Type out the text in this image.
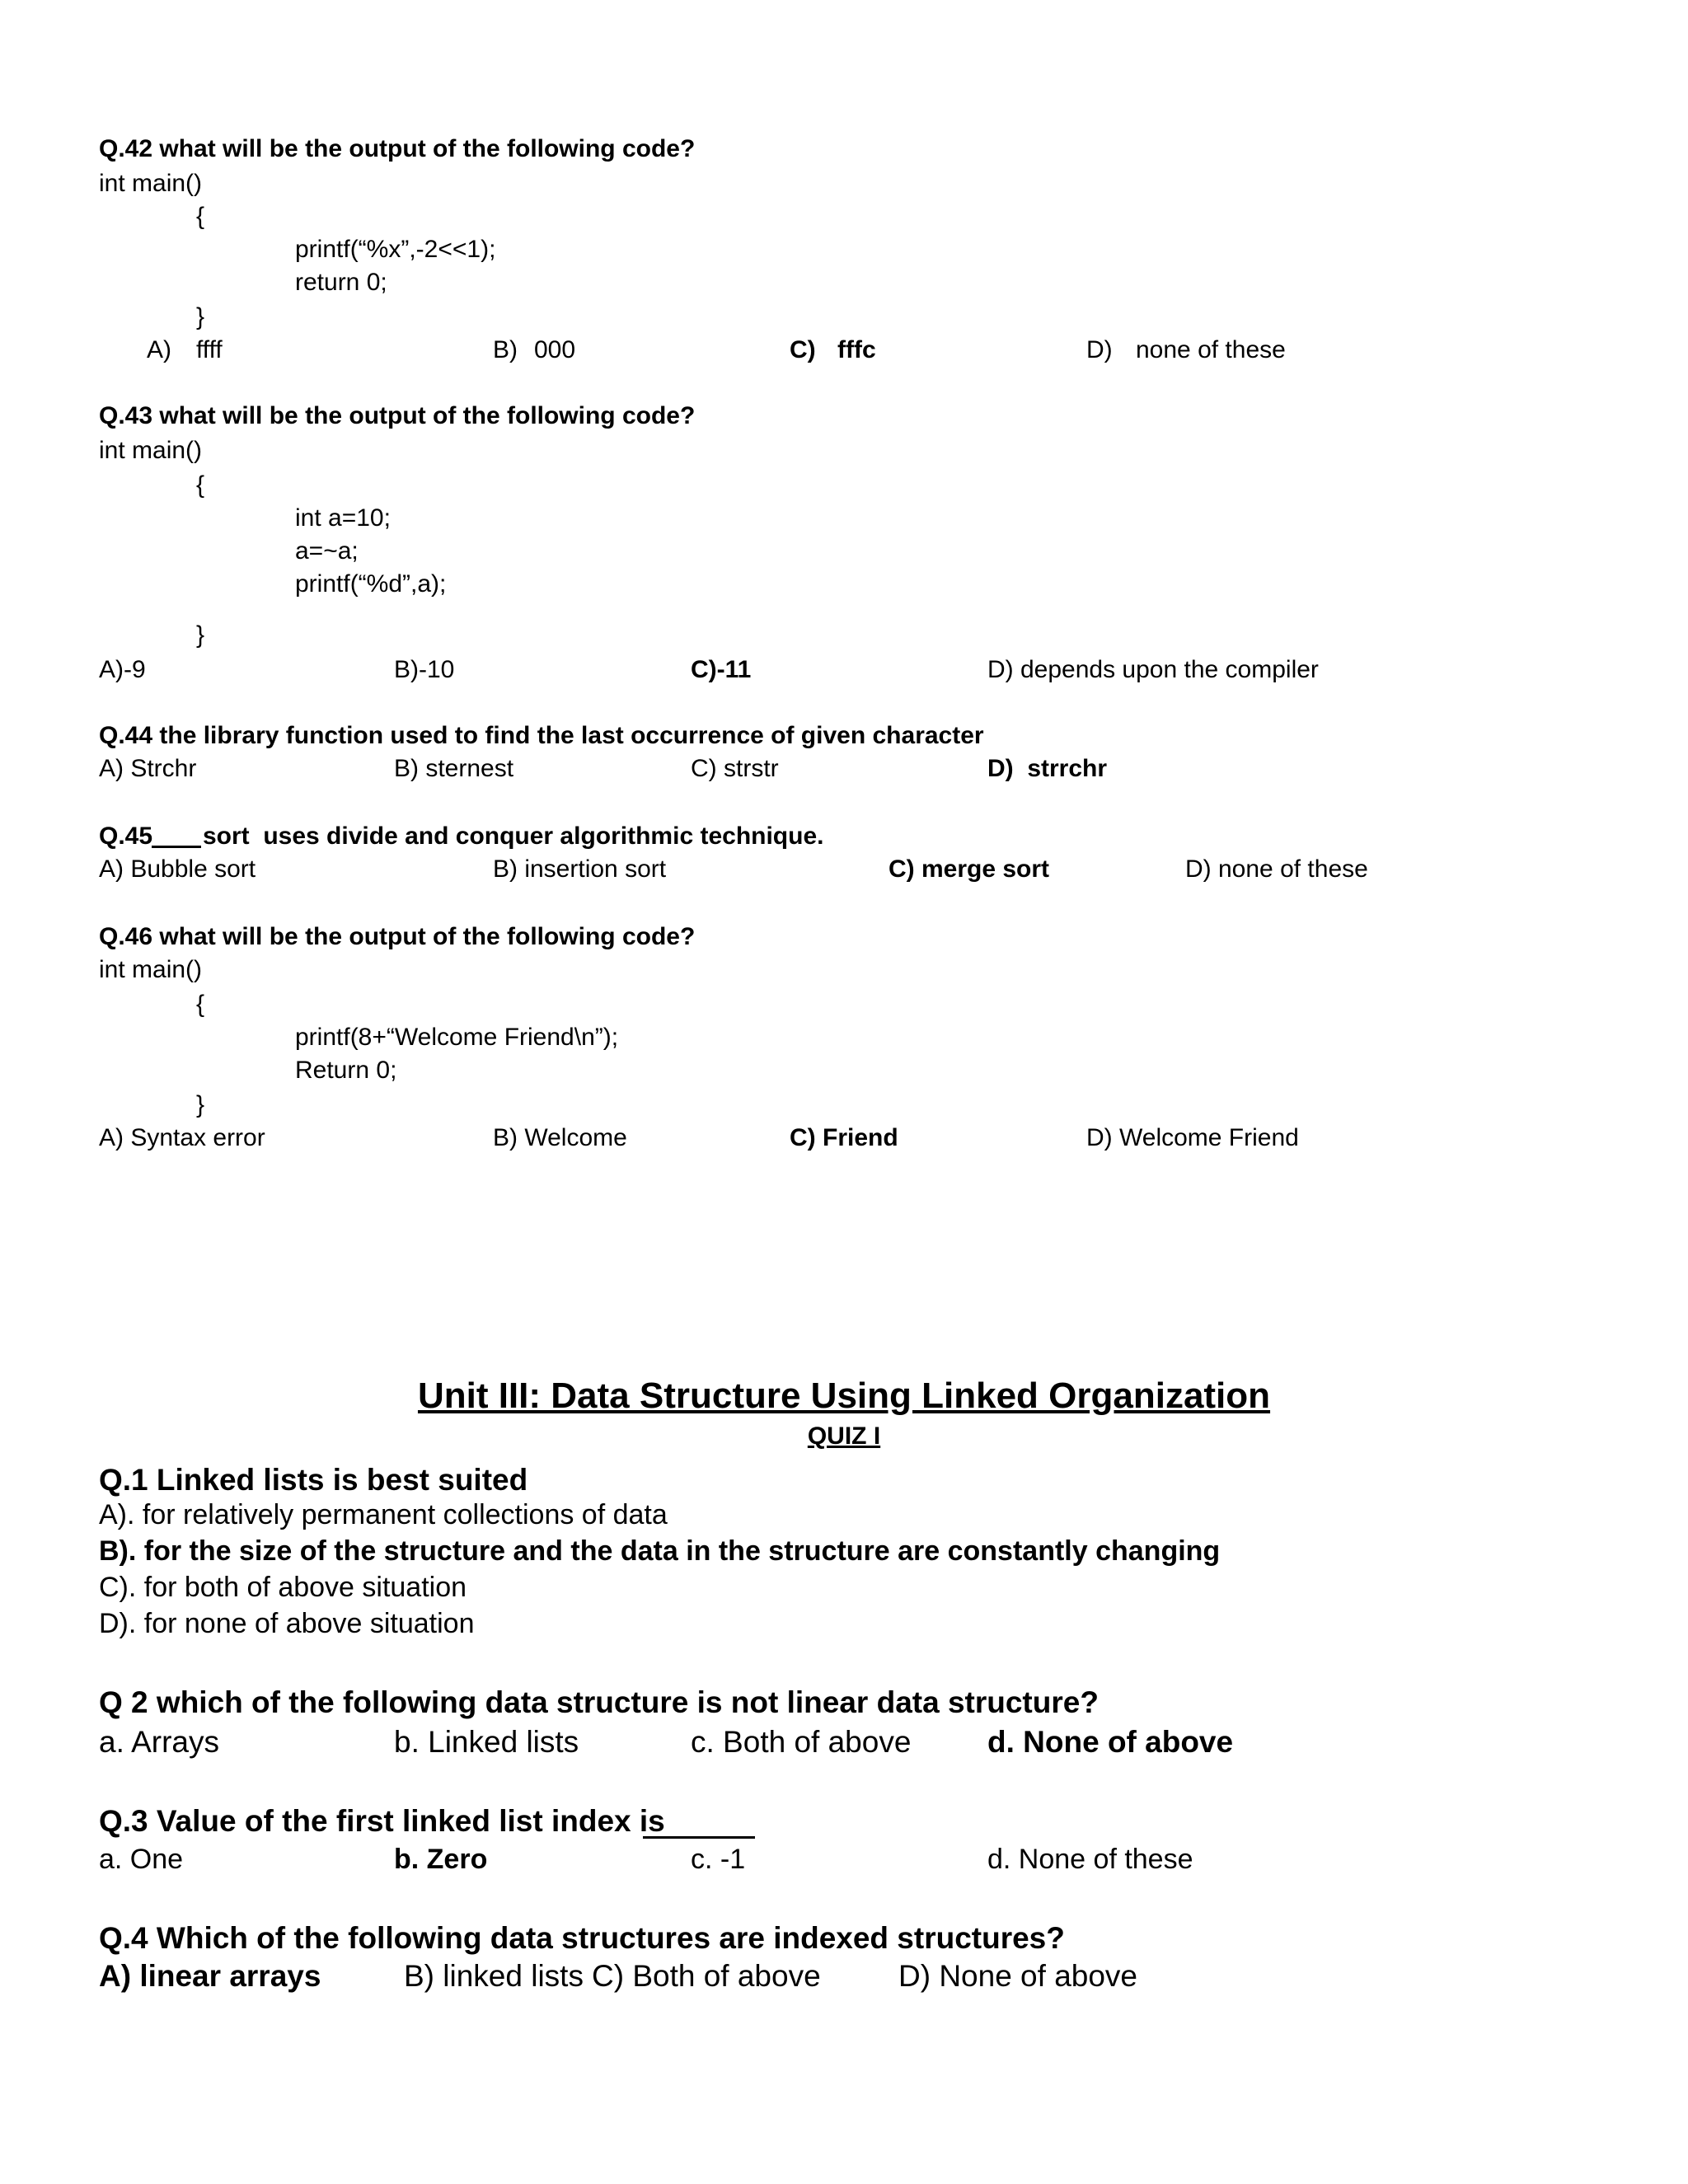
Q.42 what will be the output of the following code?
int main()
{
printf(“%x”,-2<<1);
return 0;
}
A) ffff	B) 000	C) fffc	D) none of these
Q.43 what will be the output of the following code?
int main()
{
int a=10;
a=~a;
printf(“%d”,a);
}
A)-9	B)-10	C)-11	D) depends upon the compiler
Q.44 the library function used to find the last occurrence of given character
A) Strchr	B) sternest	C) strstr	D)  strrchr
Q.45 sort  uses divide and conquer algorithmic technique.
A) Bubble sort	B) insertion sort	C) merge sort	D) none of these
Q.46 what will be the output of the following code?
int main()
{
printf(8+“Welcome Friend\n”);
Return 0;
}
A) Syntax error	B) Welcome	C) Friend	D) Welcome Friend
Unit III: Data Structure Using Linked Organization
QUIZ I
Q.1 Linked lists is best suited
A). for relatively permanent collections of data
B). for the size of the structure and the data in the structure are constantly changing
C). for both of above situation
D). for none of above situation
Q 2 which of the following data structure is not linear data structure?
a. Arrays	b. Linked lists	c. Both of above	d. None of above
Q.3 Value of the first linked list index is
a. One	b. Zero	c. -1	d. None of these
Q.4 Which of the following data structures are indexed structures?
A) linear arrays	B) linked lists C) Both of above	D) None of above
